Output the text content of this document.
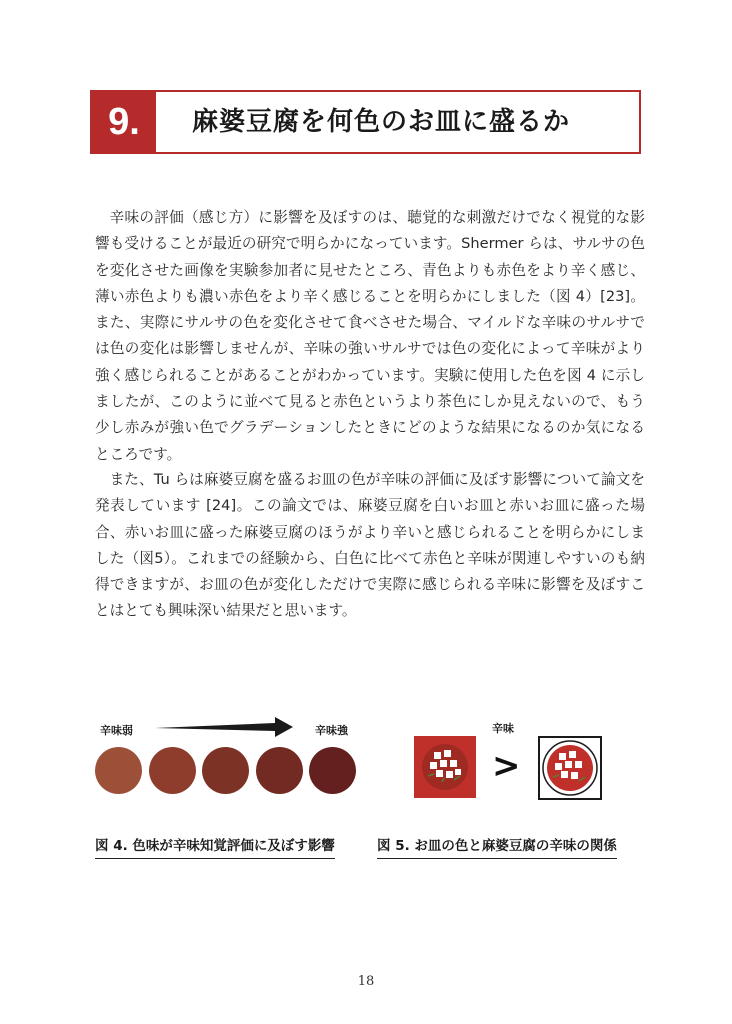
9.	麻婆豆腐を何色のお皿に盛るか

辛味の評価（感じ方）に影響を及ぼすのは、聴覚的な刺激だけでなく視覚的な影響も受けることが最近の研究で明らかになっています。Shermer らは、サルサの色を変化させた画像を実験参加者に見せたところ、青色よりも赤色をより辛く感じ、薄い赤色よりも濃い赤色をより辛く感じることを明らかにしました（図 4）[23]。また、実際にサルサの色を変化させて食べさせた場合、マイルドな辛味のサルサでは色の変化は影響しませんが、辛味の強いサルサでは色の変化によって辛味がより強く感じられることがあることがわかっています。実験に使用した色を図 4 に示しましたが、このように並べて見ると赤色というより茶色にしか見えないので、もう少し赤みが強い色でグラデーションしたときにどのような結果になるのか気になるところです。

また、Tu らは麻婆豆腐を盛るお皿の色が辛味の評価に及ぼす影響について論文を発表しています [24]。この論文では、麻婆豆腐を白いお皿と赤いお皿に盛った場合、赤いお皿に盛った麻婆豆腐のほうがより辛いと感じられることを明らかにしました（図5）。これまでの経験から、白色に比べて赤色と辛味が関連しやすいのも納得できますが、お皿の色が変化しただけで実際に感じられる辛味に影響を及ぼすことはとても興味深い結果だと思います。

辛味弱	辛味強
図 4. 色味が辛味知覚評価に及ぼす影響
辛味
>
図 5. お皿の色と麻婆豆腐の辛味の関係
18
